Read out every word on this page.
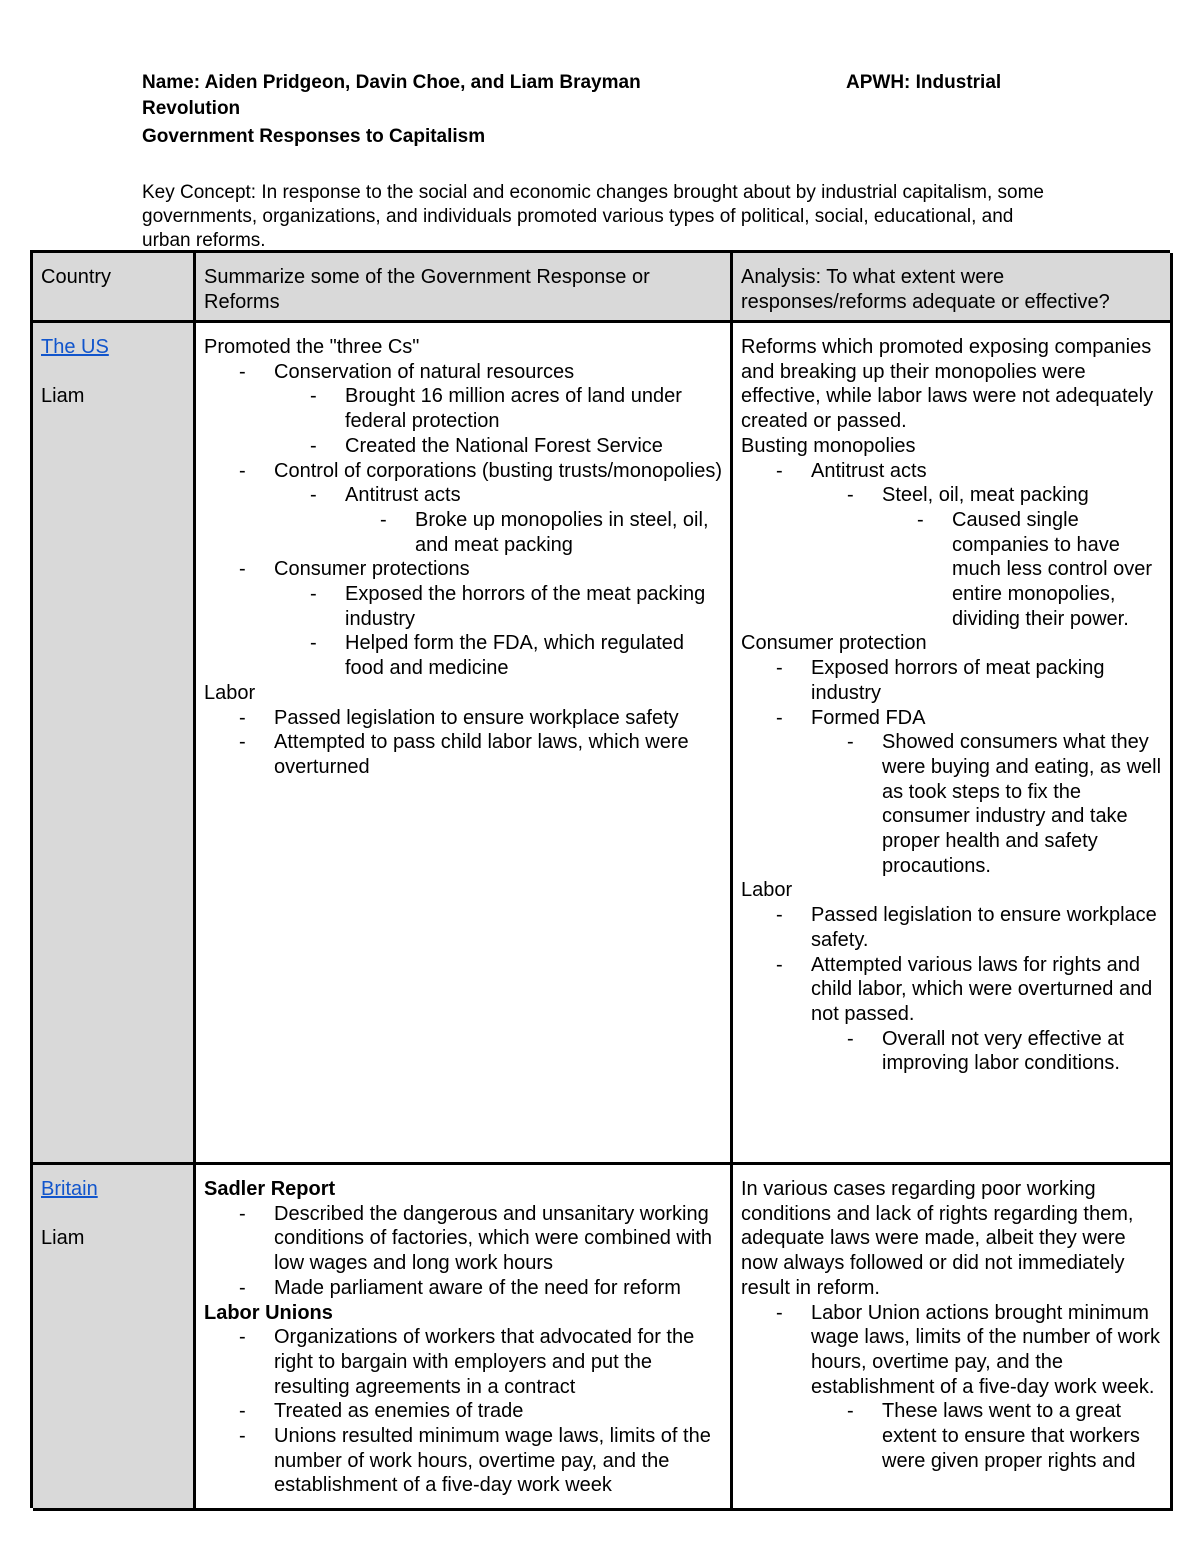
Name: Aiden Pridgeon, Davin Choe, and Liam Brayman	APWH: Industrial
Revolution
Government Responses to Capitalism
Key Concept: In response to the social and economic changes brought about by industrial capitalism, some governments, organizations, and individuals promoted various types of political, social, educational, and urban reforms.
Country	Summarize some of the Government Response or Reforms
Analysis: To what extent were responses/reforms adequate or effective?
The US
Liam
Promoted the "three Cs"
- Conservation of natural resources
- Brought 16 million acres of land under federal protection
- Created the National Forest Service
- Control of corporations (busting trusts/monopolies)
- Antitrust acts
- Broke up monopolies in steel, oil, and meat packing
- Consumer protections
- Exposed the horrors of the meat packing industry
- Helped form the FDA, which regulated food and medicine
Labor
- Passed legislation to ensure workplace safety
- Attempted to pass child labor laws, which were overturned
Reforms which promoted exposing companies and breaking up their monopolies were effective, while labor laws were not adequately created or passed.
Busting monopolies
- Antitrust acts
- Steel, oil, meat packing
- Caused single companies to have much less control over entire monopolies, dividing their power.
Consumer protection
- Exposed horrors of meat packing industry
- Formed FDA
- Showed consumers what they were buying and eating, as well as took steps to fix the consumer industry and take proper health and safety procautions.
Labor
- Passed legislation to ensure workplace safety.
- Attempted various laws for rights and child labor, which were overturned and not passed.
- Overall not very effective at improving labor conditions.
Britain
Liam
Sadler Report
- Described the dangerous and unsanitary working conditions of factories, which were combined with low wages and long work hours
- Made parliament aware of the need for reform
Labor Unions
- Organizations of workers that advocated for the right to bargain with employers and put the resulting agreements in a contract
- Treated as enemies of trade
- Unions resulted minimum wage laws, limits of the number of work hours, overtime pay, and the establishment of a five-day work week
In various cases regarding poor working conditions and lack of rights regarding them, adequate laws were made, albeit they were now always followed or did not immediately result in reform.
- Labor Union actions brought minimum wage laws, limits of the number of work hours, overtime pay, and the establishment of a five-day work week.
- These laws went to a great extent to ensure that workers were given proper rights and
